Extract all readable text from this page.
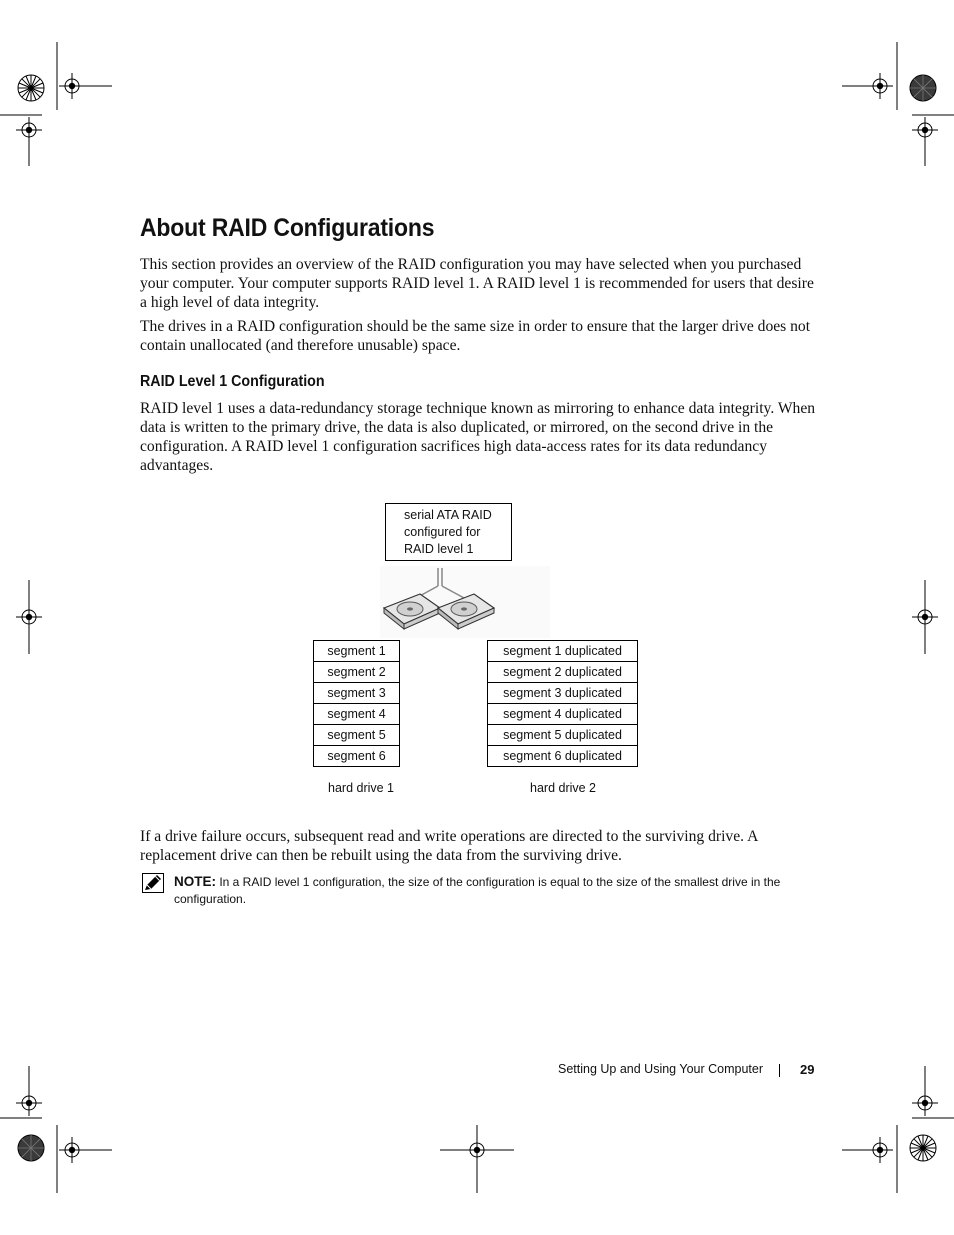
About RAID Configurations

This section provides an overview of the RAID configuration you may have selected when you purchased your computer. Your computer supports RAID level 1. A RAID level 1 is recommended for users that desire a high level of data integrity.

The drives in a RAID configuration should be the same size in order to ensure that the larger drive does not contain unallocated (and therefore unusable) space.

RAID Level 1 Configuration

RAID level 1 uses a data-redundancy storage technique known as mirroring to enhance data integrity. When data is written to the primary drive, the data is also duplicated, or mirrored, on the second drive in the configuration. A RAID level 1 configuration sacrifices high data-access rates for its data redundancy advantages.

serial ATA RAID
configured for
RAID level 1
segment 1
segment 2
segment 3
segment 4
segment 5
segment 6
segment 1 duplicated
segment 2 duplicated
segment 3 duplicated
segment 4 duplicated
segment 5 duplicated
segment 6 duplicated
hard drive 1	hard drive 2

If a drive failure occurs, subsequent read and write operations are directed to the surviving drive. A replacement drive can then be rebuilt using the data from the surviving drive.

NOTE: In a RAID level 1 configuration, the size of the configuration is equal to the size of the smallest drive in the configuration.
Setting Up and Using Your Computer	29
